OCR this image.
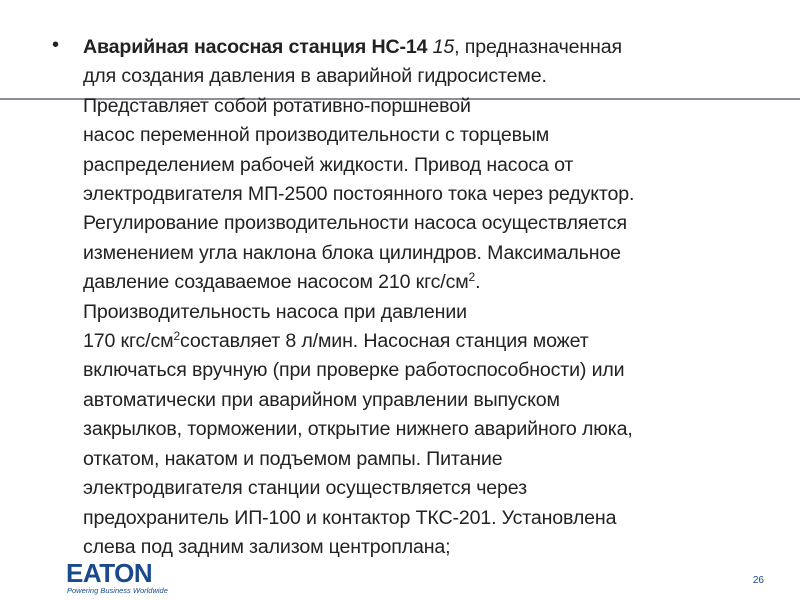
• Аварийная насосная станция НС-14 15, предназначенная
для создания давления в аварийной гидросистеме.
Представляет собой ротативно-поршневой
насос переменной производительности с торцевым
распределением рабочей жидкости. Привод насоса от
электродвигателя МП-2500 постоянного тока через редуктор.
Регулирование производительности насоса осуществляется
изменением угла наклона блока цилиндров. Максимальное
давление создаваемое насосом 210 кгс/$см^2$.
Производительность насоса при давлении
170 кгс/$см^2составляет$ 8 л/мин. Насосная станция может
включаться вручную (при проверке работоспособности) или
автоматически при аварийном управлении выпуском
закрылков, торможении, открытие нижнего аварийного люка,
откатом, накатом и подъемом рампы. Питание
электродвигателя станции осуществляется через
предохранитель ИП-100 и контактор ТКС-201. Установлена
слева под задним зализом центроплана;

EATON
Powering Business Worldwide
26
